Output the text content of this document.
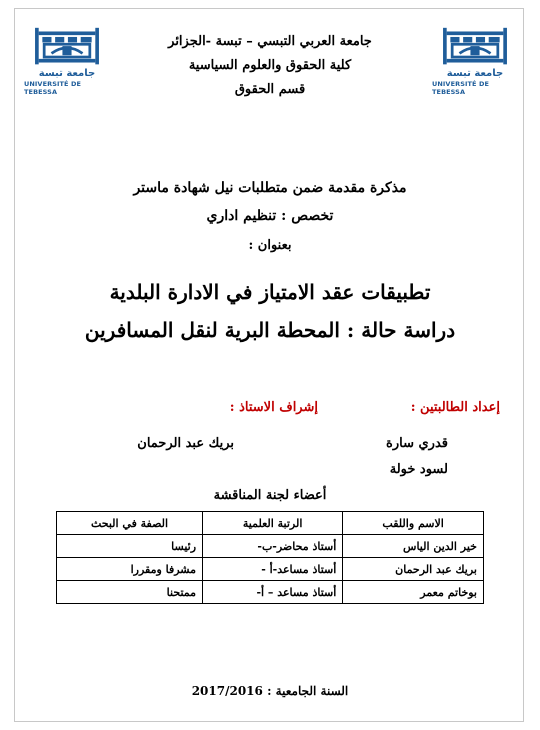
جامعة تبسة
UNIVERSITÉ DE TEBESSA
جامعة تبسة
UNIVERSITÉ DE TEBESSA
جامعة العربي التبسي – تبسة -الجزائر
كلية الحقوق والعلوم السياسية
قسم الحقوق
مذكرة مقدمة ضمن متطلبات نيل شهادة ماستر
تخصص : تنظيم اداري
بعنوان :
تطبيقات عقد الامتياز في الادارة البلدية
دراسة حالة : المحطة البرية لنقل المسافرين
إعداد الطالبتين :
إشراف الاستاذ :
قدري سارة
لسود خولة
بريك عبد الرحمان
أعضاء لجنة المناقشة
الاسم واللقب	الرتبة العلمية	الصفة في البحث
خير الدين الياس	أستاذ محاضر-ب-	رئيسا
بريك عبد الرحمان	أستاذ مساعد-أ -	مشرفا ومقررا
بوخاتم معمر	أستاذ مساعد – أ-	ممتحنا
السنة الجامعية : 2017/2016
